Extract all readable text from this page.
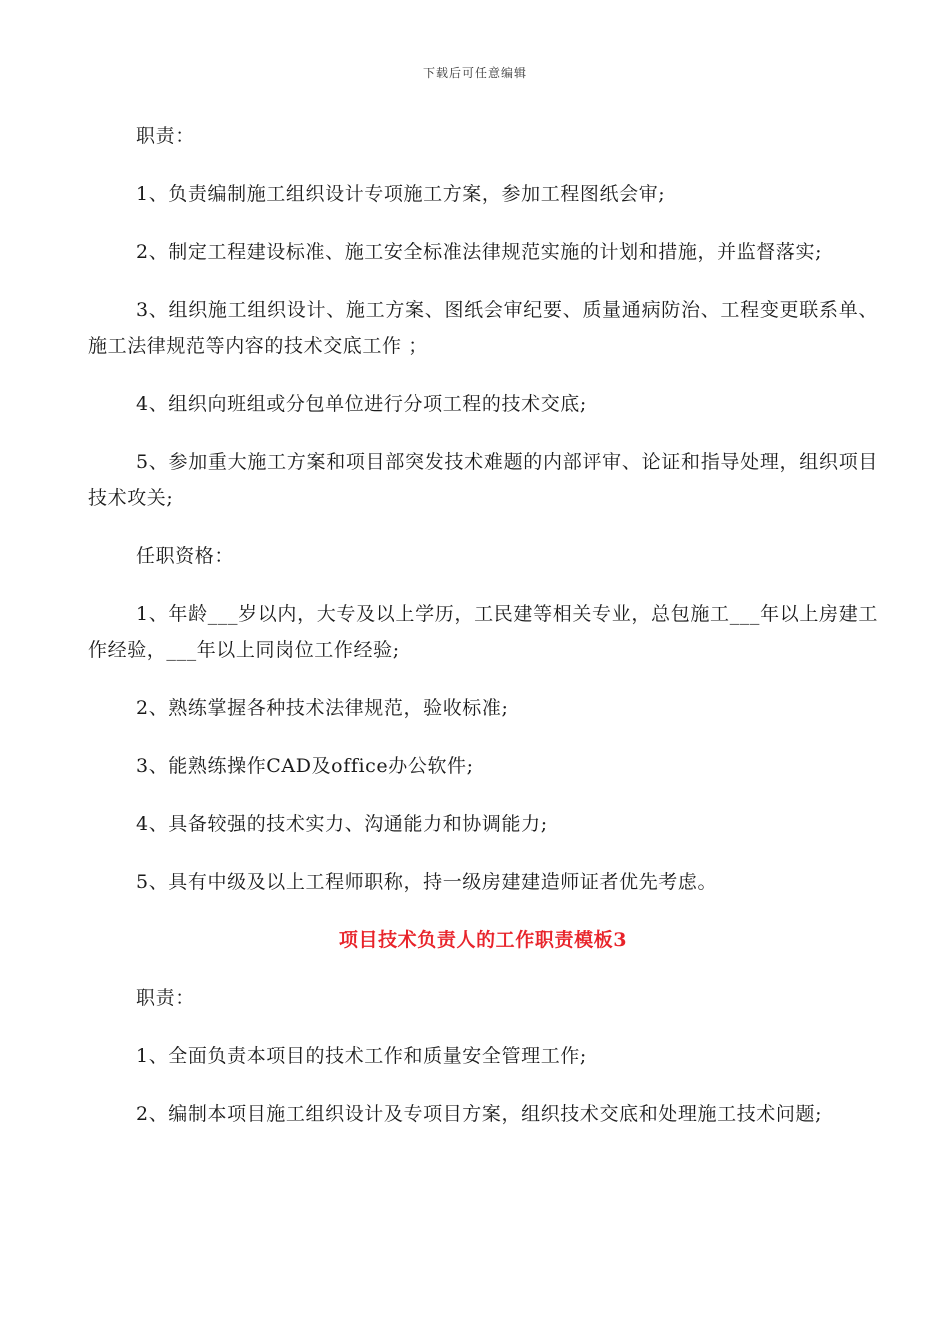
下载后可任意编辑

职责：

1、负责编制施工组织设计专项施工方案，参加工程图纸会审;

2、制定工程建设标准、施工安全标准法律规范实施的计划和措施，并监督落实;

3、组织施工组织设计、施工方案、图纸会审纪要、质量通病防治、工程变更联系单、施工法律规范等内容的技术交底工作 ；

4、组织向班组或分包单位进行分项工程的技术交底;

5、参加重大施工方案和项目部突发技术难题的内部评审、论证和指导处理，组织项目技术攻关;

任职资格：

1、年龄___岁以内，大专及以上学历，工民建等相关专业，总包施工___年以上房建工作经验，___年以上同岗位工作经验;

2、熟练掌握各种技术法律规范，验收标准;

3、能熟练操作CAD及office办公软件;

4、具备较强的技术实力、沟通能力和协调能力;

5、具有中级及以上工程师职称，持一级房建建造师证者优先考虑。

项目技术负责人的工作职责模板3

职责：

1、全面负责本项目的技术工作和质量安全管理工作;

2、编制本项目施工组织设计及专项目方案，组织技术交底和处理施工技术问题;
